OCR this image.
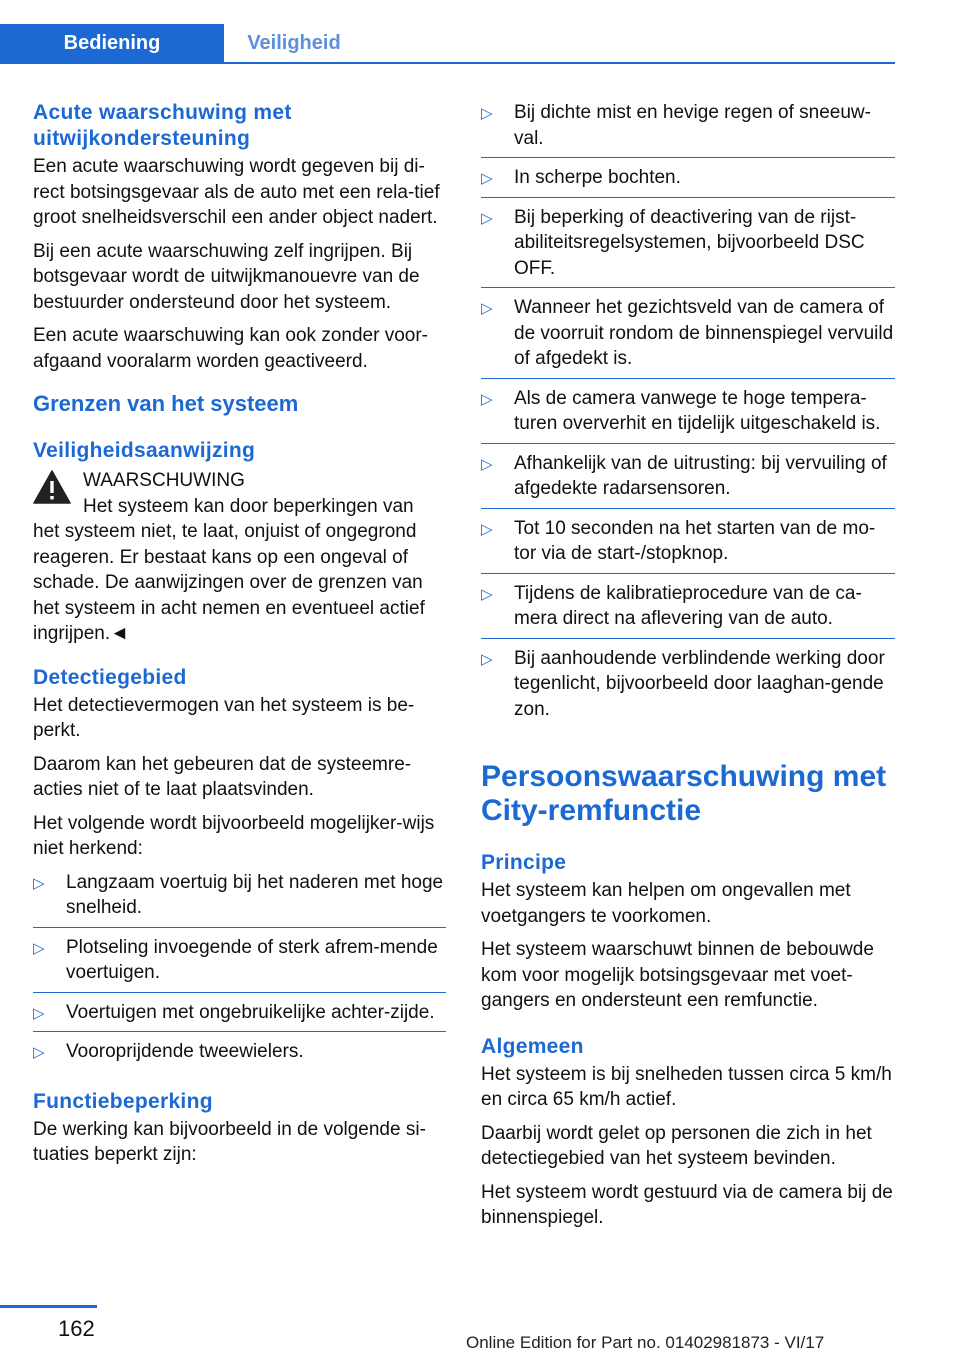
Bediening	Veiligheid
Acute waarschuwing met uitwijkondersteuning

Een acute waarschuwing wordt gegeven bij di-rect botsingsgevaar als de auto met een rela-tief groot snelheidsverschil een ander object nadert.

Bij een acute waarschuwing zelf ingrijpen. Bij botsgevaar wordt de uitwijkmanouevre van de bestuurder ondersteund door het systeem.

Een acute waarschuwing kan ook zonder voor-afgaand vooralarm worden geactiveerd.

Grenzen van het systeem
Veiligheidsaanwijzing

WAARSCHUWING

Het systeem kan door beperkingen van

het systeem niet, te laat, onjuist of ongegrond reageren. Er bestaat kans op een ongeval of schade. De aanwijzingen over de grenzen van het systeem in acht nemen en eventueel actief ingrijpen.◄

Detectiegebied

Het detectievermogen van het systeem is be-perkt.

Daarom kan het gebeuren dat de systeemre-acties niet of te laat plaatsvinden.

Het volgende wordt bijvoorbeeld mogelijker-wijs niet herkend:

▷ Langzaam voertuig bij het naderen met hoge snelheid.
▷ Plotseling invoegende of sterk afrem-mende voertuigen.
▷ Voertuigen met ongebruikelijke achter-zijde.
▷ Vooroprijdende tweewielers.
Functiebeperking

De werking kan bijvoorbeeld in de volgende si-tuaties beperkt zijn:

▷ Bij dichte mist en hevige regen of sneeuw-val.
▷ In scherpe bochten.
▷ Bij beperking of deactivering van de rijst-abiliteitsregelsystemen, bijvoorbeeld DSC OFF.
▷ Wanneer het gezichtsveld van de camera of de voorruit rondom de binnenspiegel vervuild of afgedekt is.
▷ Als de camera vanwege te hoge tempera-turen oververhit en tijdelijk uitgeschakeld is.
▷ Afhankelijk van de uitrusting: bij vervuiling of afgedekte radarsensoren.
▷ Tot 10 seconden na het starten van de mo-tor via de start-/stopknop.
▷ Tijdens de kalibratieprocedure van de ca-mera direct na aflevering van de auto.
▷ Bij aanhoudende verblindende werking door tegenlicht, bijvoorbeeld door laaghan-gende zon.
Persoonswaarschuwing met City-remfunctie
Principe

Het systeem kan helpen om ongevallen met voetgangers te voorkomen.

Het systeem waarschuwt binnen de bebouwde kom voor mogelijk botsingsgevaar met voet-gangers en ondersteunt een remfunctie.

Algemeen

Het systeem is bij snelheden tussen circa 5 km/h en circa 65 km/h actief.

Daarbij wordt gelet op personen die zich in het detectiegebied van het systeem bevinden.

Het systeem wordt gestuurd via de camera bij de binnenspiegel.

162
Online Edition for Part no. 01402981873 - VI/17
